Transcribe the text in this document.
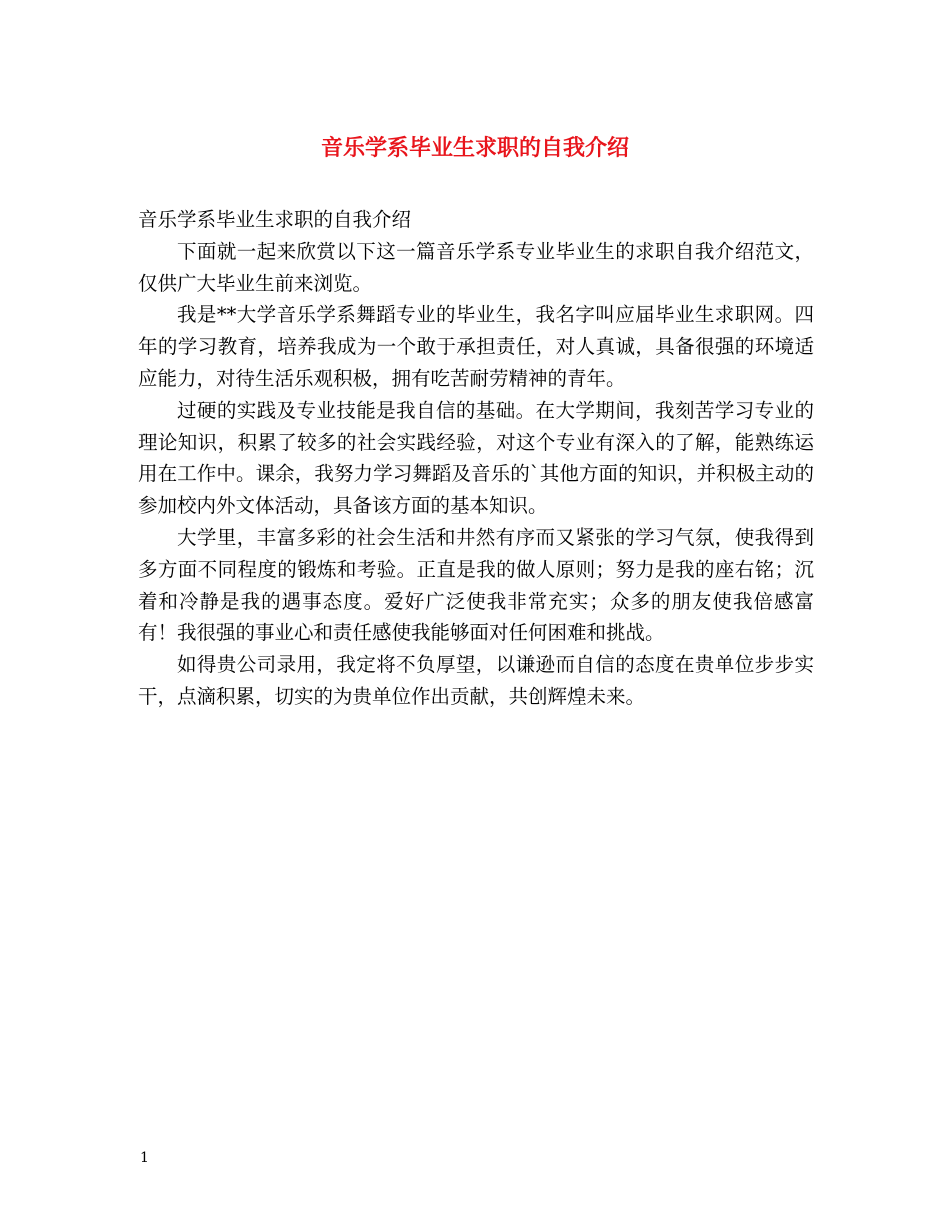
音乐学系毕业生求职的自我介绍

音乐学系毕业生求职的自我介绍

下面就一起来欣赏以下这一篇音乐学系专业毕业生的求职自我介绍范文，仅供广大毕业生前来浏览。

我是**大学音乐学系舞蹈专业的毕业生，我名字叫应届毕业生求职网。四年的学习教育，培养我成为一个敢于承担责任，对人真诚，具备很强的环境适应能力，对待生活乐观积极，拥有吃苦耐劳精神的青年。

过硬的实践及专业技能是我自信的基础。在大学期间，我刻苦学习专业的理论知识，积累了较多的社会实践经验，对这个专业有深入的了解，能熟练运用在工作中。课余，我努力学习舞蹈及音乐的`其他方面的知识，并积极主动的参加校内外文体活动，具备该方面的基本知识。

大学里，丰富多彩的社会生活和井然有序而又紧张的学习气氛，使我得到多方面不同程度的锻炼和考验。正直是我的做人原则；努力是我的座右铭；沉着和冷静是我的遇事态度。爱好广泛使我非常充实；众多的朋友使我倍感富有！我很强的事业心和责任感使我能够面对任何困难和挑战。

如得贵公司录用，我定将不负厚望，以谦逊而自信的态度在贵单位步步实干，点滴积累，切实的为贵单位作出贡献，共创辉煌未来。

1
